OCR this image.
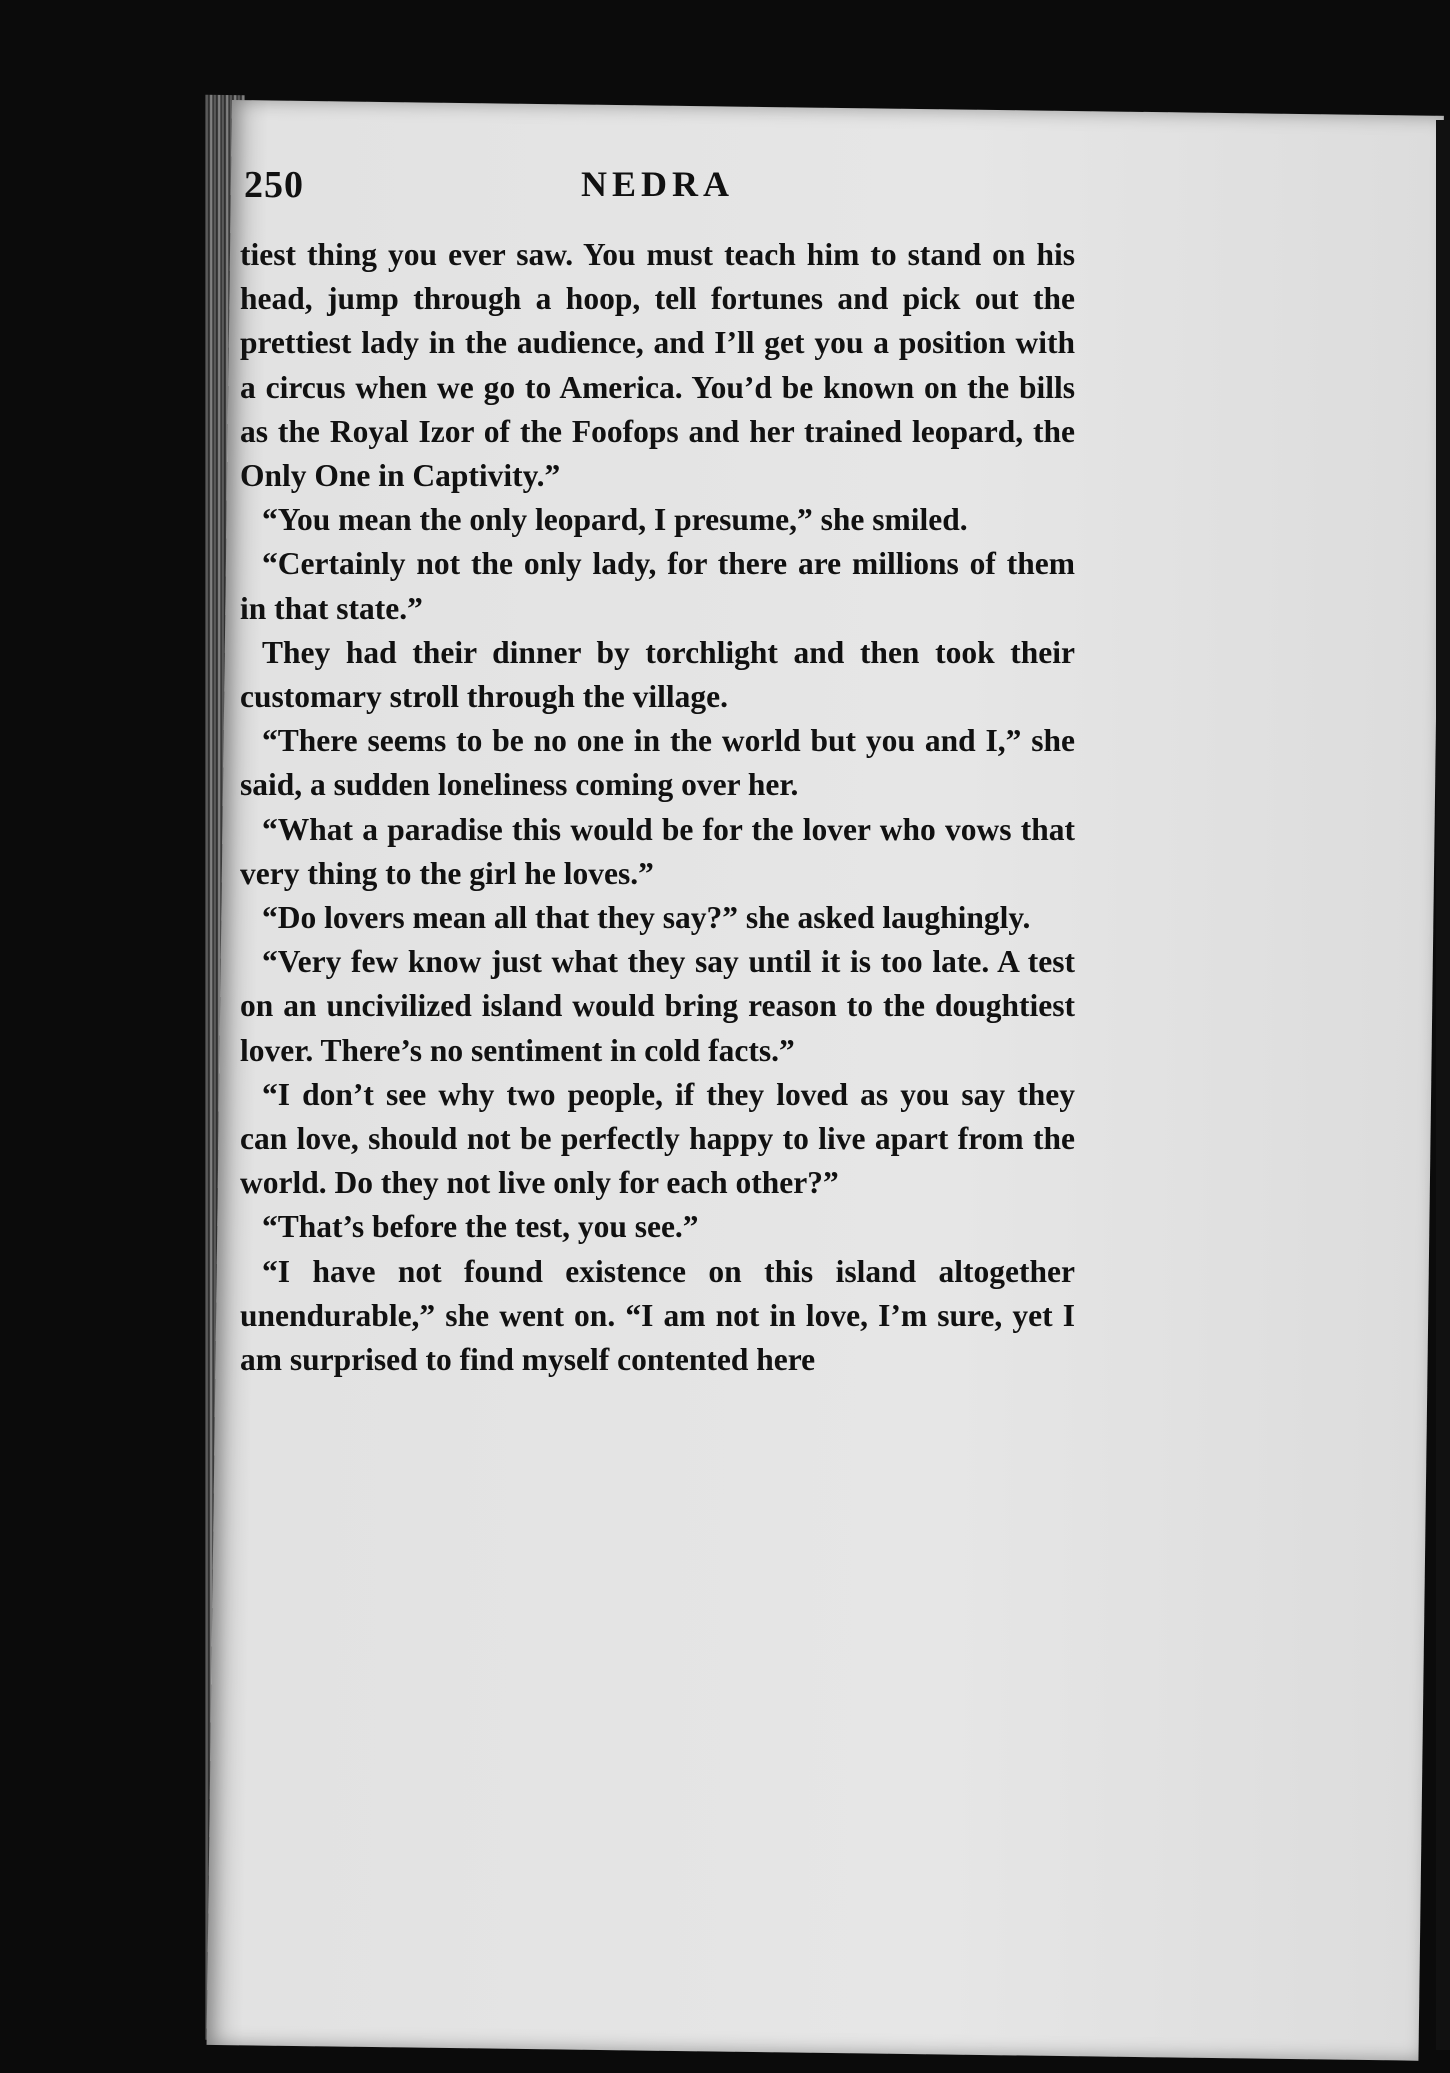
250	NEDRA

tiest thing you ever saw. You must teach him to stand on his head, jump through a hoop, tell fortunes and pick out the prettiest lady in the audience, and I’ll get you a position with a circus when we go to America. You’d be known on the bills as the Royal Izor of the Foofops and her trained leopard, the Only One in Captivity.”

“You mean the only leopard, I presume,” she smiled.

“Certainly not the only lady, for there are millions of them in that state.”

They had their dinner by torchlight and then took their customary stroll through the village.

“There seems to be no one in the world but you and I,” she said, a sudden loneliness coming over her.

“What a paradise this would be for the lover who vows that very thing to the girl he loves.”

“Do lovers mean all that they say?” she asked laughingly.

“Very few know just what they say until it is too late. A test on an uncivilized island would bring reason to the doughtiest lover. There’s no sentiment in cold facts.”

“I don’t see why two people, if they loved as you say they can love, should not be perfectly happy to live apart from the world. Do they not live only for each other?”

“That’s before the test, you see.”

“I have not found existence on this island altogether unendurable,” she went on. “I am not in love, I’m sure, yet I am surprised to find myself contented here
